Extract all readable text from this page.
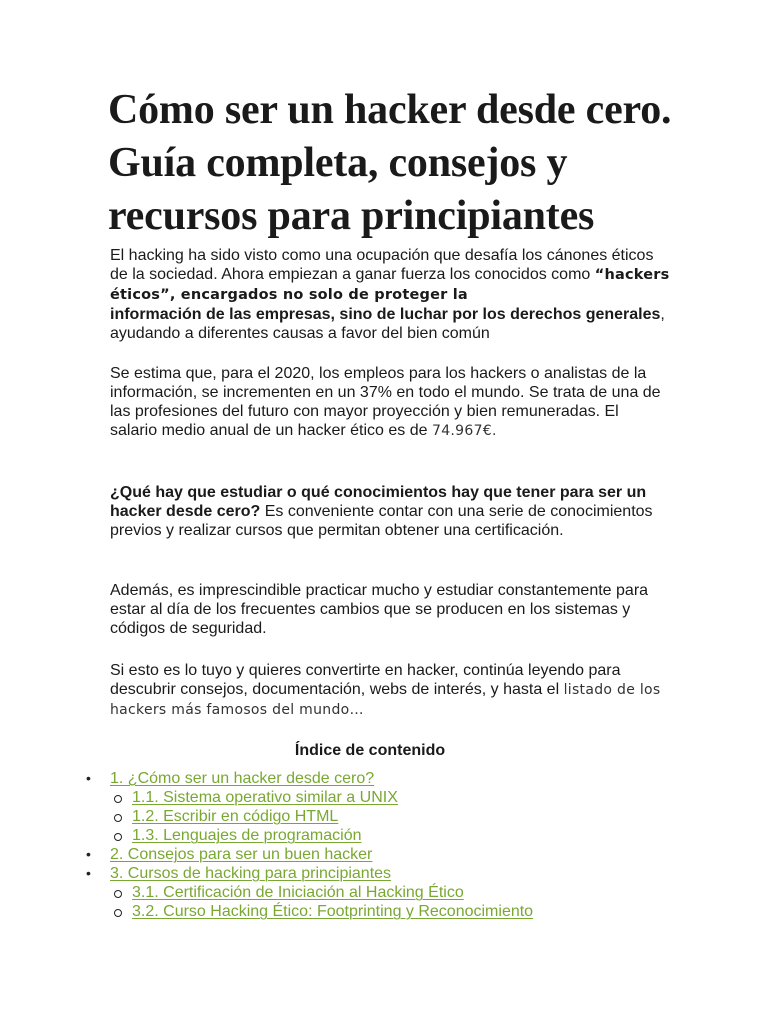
Cómo ser un hacker desde cero. Guía completa, consejos y recursos para principiantes

El hacking ha sido visto como una ocupación que desafía los cánones éticos de la sociedad. Ahora empiezan a ganar fuerza los conocidos como “hackers éticos”, encargados no solo de proteger la
información de las empresas, sino de luchar por los derechos generales, ayudando a diferentes causas a favor del bien común

Se estima que, para el 2020, los empleos para los hackers o analistas de la información, se incrementen en un 37% en todo el mundo. Se trata de una de las profesiones del futuro con mayor proyección y bien remuneradas. El salario medio anual de un hacker ético es de 74.967€.

¿Qué hay que estudiar o qué conocimientos hay que tener para ser un hacker desde cero? Es conveniente contar con una serie de conocimientos previos y realizar cursos que permitan obtener una certificación.

Además, es imprescindible practicar mucho y estudiar constantemente para estar al día de los frecuentes cambios que se producen en los sistemas y códigos de seguridad.

Si esto es lo tuyo y quieres convertirte en hacker, continúa leyendo para descubrir consejos, documentación, webs de interés, y hasta el listado de los hackers más famosos del mundo…

Índice de contenido

• 1. ¿Cómo ser un hacker desde cero?
1.1. Sistema operativo similar a UNIX
1.2. Escribir en código HTML
1.3. Lenguajes de programación
• 2. Consejos para ser un buen hacker
• 3. Cursos de hacking para principiantes
3.1. Certificación de Iniciación al Hacking Ético
3.2. Curso Hacking Ético: Footprinting y Reconocimiento
